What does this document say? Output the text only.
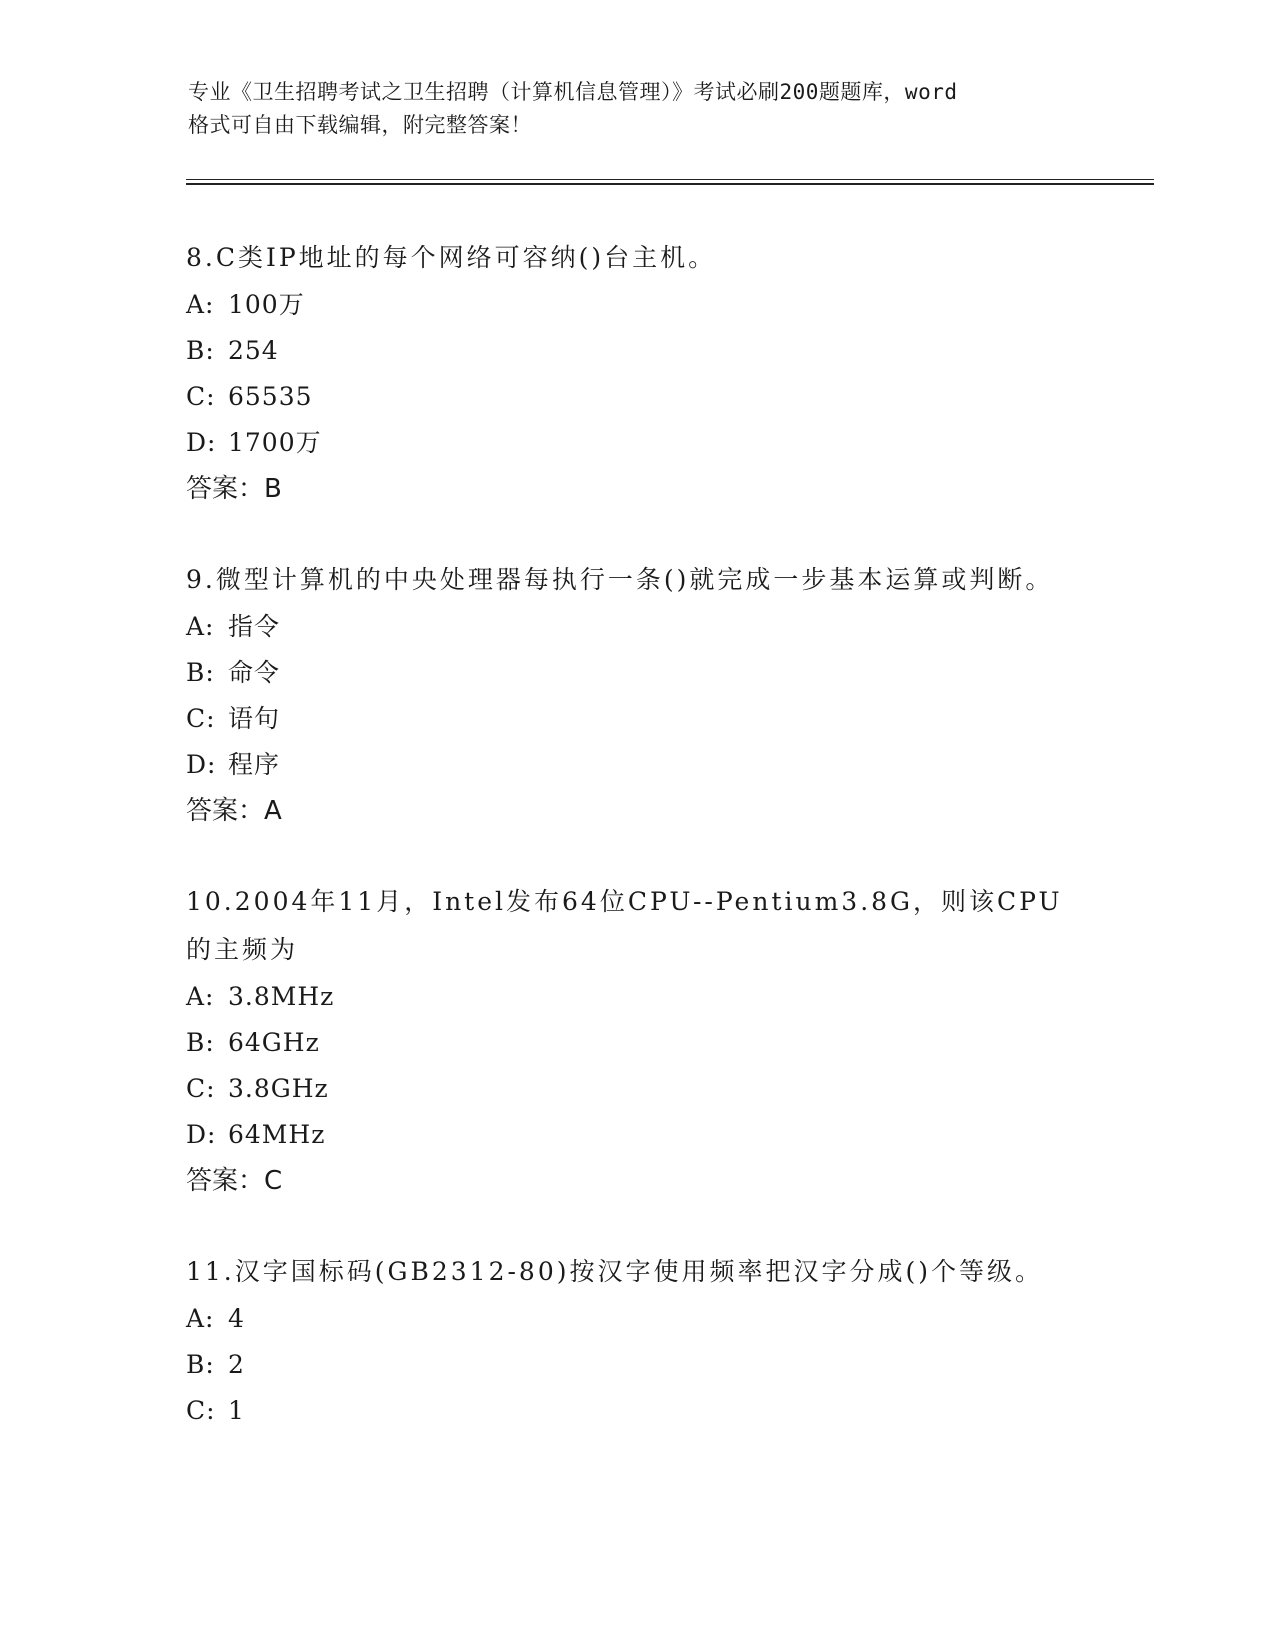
专业《卫生招聘考试之卫生招聘（计算机信息管理）》考试必刷200题题库，word
格式可自由下载编辑，附完整答案！

8.C类IP地址的每个网络可容纳()台主机。

A: 100万

B: 254

C: 65535

D: 1700万

答案：B

9.微型计算机的中央处理器每执行一条()就完成一步基本运算或判断。

A: 指令

B: 命令

C: 语句

D: 程序

答案：A

10.2004年11月，Intel发布64位CPU--Pentium3.8G，则该CPU的主频为

A: 3.8MHz

B: 64GHz

C: 3.8GHz

D: 64MHz

答案：C

11.汉字国标码(GB2312-80)按汉字使用频率把汉字分成()个等级。

A: 4

B: 2

C: 1
